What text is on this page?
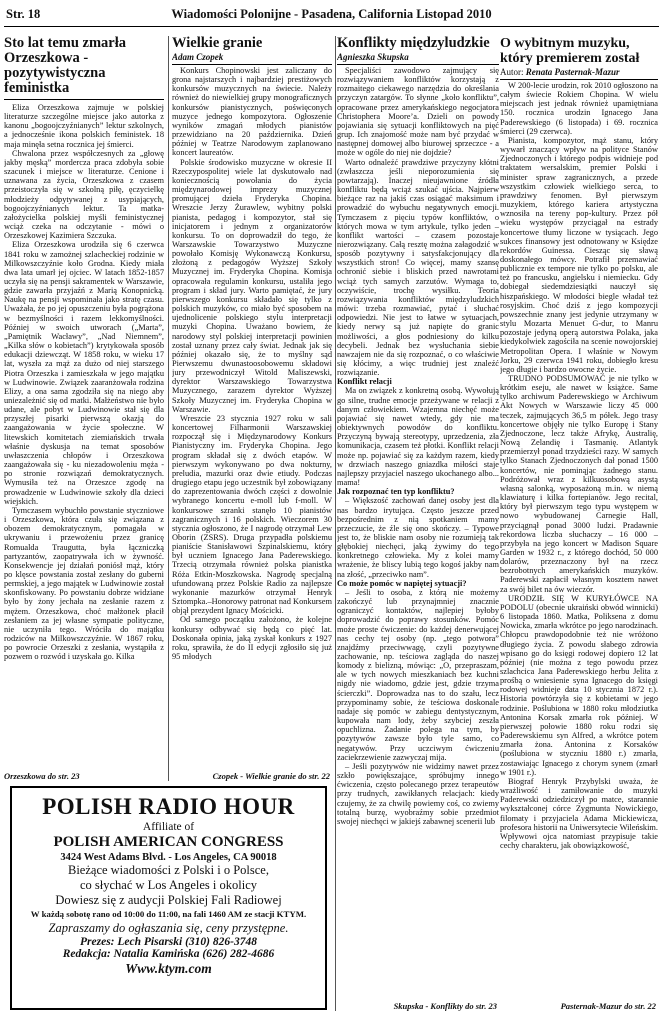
Str. 18	Wiadomości Polonijne - Pasadena, California Listopad 2010
Sto lat temu zmarła Orzeszkowa - pozytywistyczna feministka

Eliza Orzeszkowa zajmuje w polskiej literaturze szczególne miejsce jako autorka z kanonu „bogoojczyźnianych” lektur szkolnych, a jednocześnie ikona polskich feministek. 18 maja minęła setna rocznica jej śmierci.

Chwalona przez współczesnych za „głowę jakby męską” mordercza praca zdobyła sobie szacunek i miejsce w literaturze. Cenione i uznawana za życia, Orzeszkowa z czasem przeistoczyła się w szkolną piłę, ęczycielkę młodzieży odpytywanej z usypiających, bogoojczyźnianych lektur. Ta matka-założycielka polskiej myśli feministycznej wciąż czeka na odczytanie - mówi o Orzeszkowej Kazimiera Szczuka.

Eliza Orzeszkowa urodziła się 6 czerwca 1841 roku w zamożnej szlacheckiej rodzinie w Milkowszczyźnie koło Grodna. Kiedy miała dwa lata umarł jej ojciec. W latach 1852-1857 uczyła się na pensji sakramentek w Warszawie, gdzie zawarła przyjaźń z Marią Konopnicką. Naukę na pensji wspominała jako stratę czasu. Uważała, że po jej opuszczeniu była pogrążona w bezmyślności i razem lekkomyślności. Później w swoich utworach („Marta”, „Pamiętnik Wacławy”, „Nad Niemnem”, „Kilka słów o kobietach”) krytykowała sposób edukacji dziewcząt. W 1858 roku, w wieku 17 lat, wyszła za mąż za dużo od niej starszego Piotra Orzeszka i zamieszkała w jego majątku w Ludwinowie. Związek zaaranżowała rodzina Elizy, a ona sama zgodziła się na niego aby uniezależnić się od matki. Małżeństwo nie było udane, ale pobyt w Ludwinowie stał się dla przyszłej pisarki pierwszą okazją do zaangażowania w życie społeczne. W litewskich komitetach ziemiańskich trwała właśnie dyskusja na temat sposobów uwłaszczenia chłopów i Orzeszkowa zaangażowała się - ku niezadowoleniu męża - po stronie rozwiązań demokratycznych. Wymusiła też na Orzeszce zgodę na prowadzenie w Ludwinowie szkoły dla dzieci wiejskich.

Tymczasem wybuchło powstanie styczniowe i Orzeszkowa, która czuła się związana z obozem demokratycznym, pomagała w ukrywaniu i przewożeniu przez granicę Romualda Traugutta, była łączniczką partyzantów, zaopatrywała ich w żywność. Konsekwencje jej działań poniósł mąż, który po klęsce powstania został zesłany do guberni permskiej, a jego majątek w Ludwinowie został skonfiskowany. Po powstaniu dobrze widziane było by żony jechała na zesłanie razem z mężem. Orzeszkowa, choć małżonek płacił zesłaniem za jej własne sympatie polityczne, nie uczyniła tego. Wróciła do majątku rodziców na Milkowszczyźnie. W 1867 roku, po powrocie Orzeszki z zesłania, wystąpiła z pozwem o rozwód i uzyskała go. Kilka

Orzeszkowa do str. 23
Wielkie granie
Adam Czopek

Konkurs Chopinowski jest zaliczany do grona najstarszych i najbardziej prestiżowych konkursów muzycznych na świecie. Należy również do niewielkiej grupy monograficznych konkursów pianistycznych, poświęconych muzyce jednego kompozytora. Ogłoszenie wyników zmagań młodych pianistów przewidziano na 20 października. Dzień później w Teatrze Narodowym zaplanowano koncert laureatów.

Polskie środowisko muzyczne w okresie II Rzeczypospolitej wiele lat dyskutowało nad koniecznością powołania do życia międzynarodowej imprezy muzycznej promującej dzieła Fryderyka Chopina. Wreszcie Jerzy Żurawlew, wybitny polski pianista, pedagog i kompozytor, stał się inicjatorem i jednym z organizatorów konkursu. To on doprowadził do tego, że Warszawskie Towarzystwo Muzyczne powołało Komisję Wykonawczą Konkursu, złożoną z pedagogów Wyższej Szkoły Muzycznej im. Fryderyka Chopina. Komisja opracowała regulamin konkursu, ustaliła jego program i skład jury. Warto pamiętać, że jury pierwszego konkursu składało się tylko z polskich muzyków, co miało być sposobem na ujednolicenie polskiego stylu interpretacji muzyki Chopina. Uważano bowiem, że narodowy styl polskiej interpretacji powinien został uznany przez cały świat. Jednak jak się później okazało się, że to myślny sąd Pierwszemu dwunastoosobowemu składowi jury przewodniczył Witold Maliszewski, dyrektor Warszawskiego Towarzystwa Muzycznego, zarazem dyrektor Wyższej Szkoły Muzycznej im. Fryderyka Chopina w Warszawie.

Wreszcie 23 stycznia 1927 roku w sali koncertowej Filharmonii Warszawskiej rozpoczął się i Międzynarodowy Konkurs Pianistyczny im. Fryderyka Chopina. Jego program składał się z dwóch etapów. W pierwszym wykonywano po dwa nokturny, preludia, mazurki oraz dwie etiudy. Podczas drugiego etapu jego uczestnik był zobowiązany do zaprezentowania dwóch części z dowolnie wybranego koncertu e-moll lub f-moll. W konkursowe szranki stanęło 10 pianistów zagranicznych i 16 polskich. Wieczorem 30 stycznia ogłoszono, że I nagrodę otrzymał Lew Oborin (ZSRS). Druga przypadła polskiemu pianiście Stanisławowi Szpinalskiemu, który był uczniem Ignacego Jana Paderewskiego. Trzecią otrzymała również polska pianistka Róża Etkin-Moszkowska. Nagrodę specjalną ufundowaną przez Polskie Radio za najlepsze wykonanie mazurków otrzymał Henryk Sztompka.–Honorowy patronat nad Konkursem objął prezydent Ignacy Mościcki.

Od samego początku założono, że kolejne konkursy odbywać się będą co pięć lat. Doskonała opinia, jaką zyskał konkurs z 1927 roku, sprawiła, że do II edycji zgłosiło się już 95 młodych

Czopek - Wielkie granie do str. 22
Konflikty międzyludzkie
Agnieszka Skupska

Specjaliści zawodowo zajmujący się rozwiązywaniem konfliktów korzystają z rozmaitego ciekawego narzędzia do określania przyczyn zatargów. To słynne „koło konfliktu”, opracowane przez amerykańskiego negocjatora Christophera Moore’a. Dzieli on powody pojawiania się sytuacji konfliktowych na pięć grup. Ich znajomość może nam być przydać w następnej domowej albo biurowej sprzeczce - a może w ogóle do niej nie dojdzie?

Warto odnaleźć prawdziwe przyczyny kłótni (zwłaszcza jeśli nieporozumienia się powtarzają). Inaczej nieujawnione źródła konfliktu będą wciąż szukać ujścia. Najpierw bieżące raz na jakiś czas osiągać maksimum i prowadzić do wybuchu negatywnych emocji. Tymczasem z pięciu typów konfliktów, o których mowa w tym artykule, tylko jeden – konflikt wartości – czasem pozostaje nierozwiązany. Całą resztę można załagodzić w sposób pozytywny i satysfakcjonujący dla wszystkich stron! Co więcej, mamy szansę ochronić siebie i bliskich przed nawrotami wciąż tych samych zarzutów. Wymaga to, oczywiście, trochę wysiłku. Teoria rozwiązywania konfliktów międzyludzkich mówi: trzeba rozmawiać, pytać i słuchać odpowiedzi. Nie jest to łatwe w sytuacjach, kiedy nerwy są już napięte do granic możliwości, a głos podniesiony do kilku decybeli. Jednak bez wysłuchania siebie nawzajem nie da się rozpoznać, o co właściwie się kłócimy, a więc trudniej jest znaleźć rozwiązanie.

Konflikt relacji

Ma on związek z konkretną osobą. Wywołują go silne, trudne emocje przeżywane w relacji z danym człowiekiem. Wzajemna niechęć może pojawiać się nawet wtedy, gdy nie ma obiektywnych powodów do konfliktu. Przyczyną bywają stereotypy, uprzedzenia, zła komunikacja, czasem też płotki. Konflikt relacji może np. pojawiać się za każdym razem, kiedy w drzwiach naszego gniazdka miłości staje najlepszy przyjaciel naszego ukochanego albo... mama!

Jak rozpoznać ten typ konfliktu?

– Większość zachowań danej osoby jest dla nas bardzo irytująca. Często jeszcze przed bezpośrednim z nią spotkaniem mamy przeczucie, że źle się ono skończy. – Typowe jest to, że bliskie nam osoby nie rozumieją tak głębokiej niechęci, jaką żywimy do tego konkretnego człowieka. My z kolei mamy wrażenie, że bliscy lubią tego kogoś jakby nam na złość, „przeciwko nam”.

Co może pomóc w napiętej sytuacji?

– Jeśli to osoba, z którą nie możemy zakończyć lub przynajmniej znacznie ograniczyć kontaktów, najlepiej byłoby doprowadzić do poprawy stosunków. Pomóc może proste ćwiczenie: do każdej denerwującej nas cechy tej osoby (np. „tego potwora” znajdźmy przeciwwagę, czyli pozytywne zachowanie, np. teściowa zagląda do naszej komody z bielizną, mówiąc: „O, przepraszam, ale w tych nowych mieszkaniach bez kuchni nigdy nie wiadomo, gdzie jest, gdzie trzyma ścierczki”. Doprowadza nas to do szału, lecz przypominamy sobie, że teściowa doskonale nadaje się pomóc w zabiegu dentystycznym, kupowała nam lody, żeby szybciej zeszła opuchlizna. Żadanie polega na tym, by pozytywów zawsze było tyle samo, co negatywów. Przy uczciwym ćwiczeniu zaciekrzewienie zazwyczaj mija.

– Jeśli pozytywów nie widzimy nawet przez szkło powiększające, spróbujmy innego ćwiczenia, często polecanego przez terapeutów przy trudnych, zawikłanych relacjach: kiedy czujemy, że za chwilę powiemy coś, co zwiemy totalną burzę, wyobraźmy sobie przedmiot swojej niechęci w jakiejś zabawnej scenerii lub

Skupska - Konflikty do str. 23
O wybitnym muzyku, który premierem został
Autor: Renata Pasternak-Mazur

W 200-lecie urodzin, rok 2010 ogłoszono na całym świecie Rokiem Chopina. W wielu miejscach jest jednak również upamiętniana 150. rocznica urodzin Ignacego Jana Paderewskiego (6 listopada) i 69. rocznica śmierci (29 czerwca).

Pianista, kompozytor, mąż stanu, który wywarł znaczący wpływ na polityce Stanów Zjednoczonych i którego podpis widnieje pod traktatem wersalskim, premier Polski i minister spraw zagranicznych, a przede wszystkim człowiek wielkiego serca, to prawdziwy fenomen. Był pierwszym muzykiem, którego kariera artystyczna wznosiła na tereny pop-kultury. Przez pół wieku występów przyciągał na estrady koncertowe tłumy liczone w tysiącach. Jego sukces finansowy jest odnotowany w Księdze rekordów Guinessa. Ciesząc się sławą doskonałego mówcy. Potrafił przemawiać publicznie ex tempore nie tylko po polsku, ale też po francusku, angielsku i niemiecku. Gdy dobiegał siedemdziesiątki nauczył się hiszpańskiego. W młodości biegle władał też rosyjskim. Choć dziś z jego kompozycji powszechnie znany jest jedynie utrzymany w stylu Mozarta Menuet G-dur, to Manru pozostaje jedyną operą autorstwa Polaka, jaka kiedykolwiek zagościła na scenie nowojorskiej Metropolitan Opera. I właśnie w Nowym Jorku, 29 czerwca 1941 roku, dobiegło kresu jego długie i bardzo owocne życie.

TRUDNO PODSUMOWAĆ je nie tylko w krótkim eseju, ale nawet w książce. Same tylko archiwum Paderewskiego w Archiwum Akt Nowych w Warszawie liczy 45 000 teczek, zajmujących 36,5 m półek. Jego trasy koncertowe objęły nie tylko Europę i Stany Zjednoczone, lecz także Afrykę, Australię, Nową Zelandię i Tasmanię. Atlantyk przemierzył ponad trzydzieści razy. W samych tylko Stanach Zjednoczonych dał ponad 1500 koncertów, nie pominąjąc żadnego stanu. Podróżował wraz z kilkuosobową asystą własną salonką, wyposażoną m.in. w niemą klawiaturę i kilka fortepianów. Jego recital, który był pierwszym tego typu występem w nowo wybudowanej Carnegie Hall, przyciągnął ponad 3000 ludzi. Pradawnie rekordowa liczba słuchaczy – 16 000 – przybyła na jego koncert w Madison Square Garden w 1932 r., z którego dochód, 50 000 dolarów, przeznaczony był na rzecz bezrobotnych amerykańskich muzyków. Paderewski zapłacił własnym kosztem nawet za swój bilet na ów wieczór.

URODZIŁ SIĘ W KURYŁÓWCE NA PODOLU (obecnie ukraiński obwód winnicki) 6 listopada 1860. Matka, Poliksena z domu Nowicka, zmarła wkrótce po jego narodzinach. Chłopcu prawdopodobnie też nie wróżono długiego życia. Z powodu słabego zdrowia wpisano go do księgi rodowej dopiero 12 lat później (nie można z tego powodu przez szlachcica Jana Paderewskiego herbu Jelita z prośbą o wniesienie syna Ignacego do księgi rodowej widnieje data 10 stycznia 1872 r.). Historia powtórzyła się z kobietami w jego rodzinie. Poślubiona w 1880 roku młodziutka Antonina Korsak zmarła rok później. W pierwszej połowie 1880 roku rodzi się Paderewskiemu syn Alfred, a wkrótce potem zmarła żona. Antonina z Korsaków (poślubiona w styczniu 1880 r.) zmarła, zostawiając Ignacego z chorym synem (zmarł w 1901 r.).

Biograf Henryk Przybylski uważa, że wrażliwość i zamiłowanie do muzyki Paderewski odziedziczył po matce, starannie wykształconej córce Zygmunta Nowickiego, filomaty i przyjaciela Adama Mickiewicza, profesora historii na Uniwersytecie Wileńskim. Wpływowi ojca natomiast przypisuje takie cechy charakteru, jak obowiązkowość,

Pasternak-Mazur do str. 22
POLISH RADIO HOUR
Affiliate of
POLISH AMERICAN CONGRESS
3424 West Adams Blvd. - Los Angeles, CA 90018
Bieżące wiadomości z Polski i o Polsce,
co słychać w Los Angeles i okolicy
Dowiesz się z audycji Polskiej Fali Radiowej
W każdą sobotę rano od 10:00 do 11:00, na fali 1460 AM ze stacji KTYM.
Zapraszamy do ogłaszania się, ceny przystępne.
Prezes: Lech Pisarski (310) 826-3748
Redakcja: Natalia Kamińska (626) 282-4686
Www.ktym.com
